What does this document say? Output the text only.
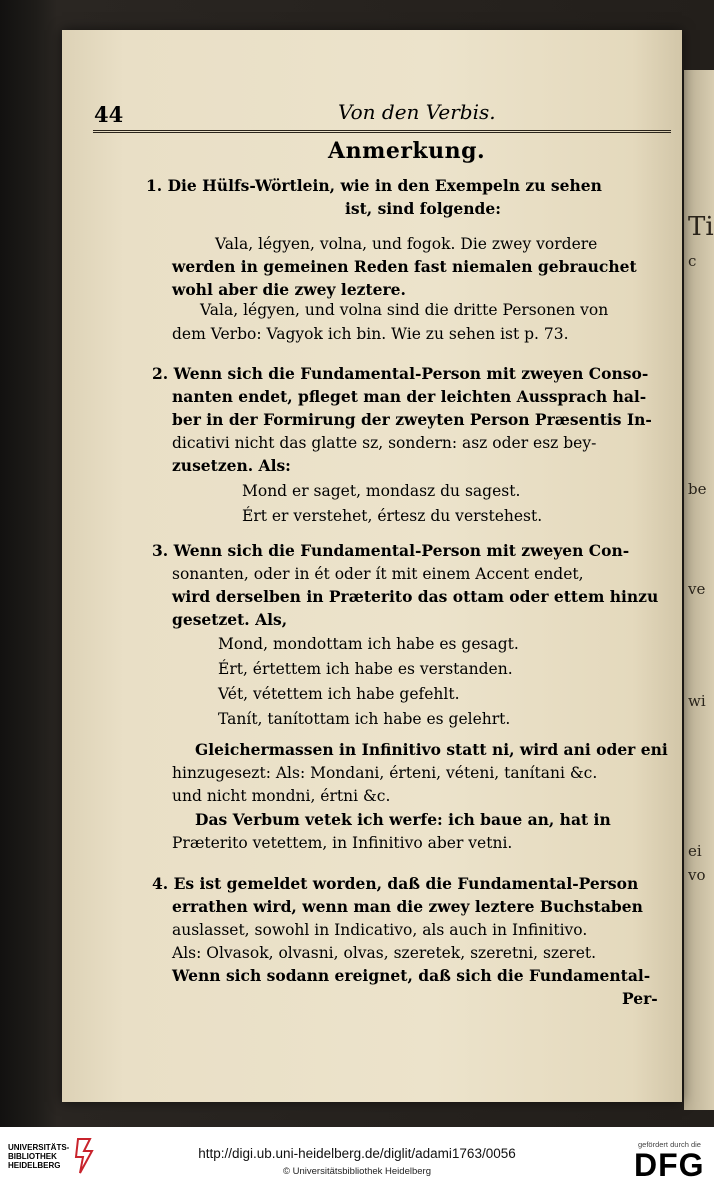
Ti
c
be
ve
wi
ei
vo
44	Von den Verbis.
Anmerkung.
1. Die Hülfs-Wörtlein, wie in den Exempeln zu sehen
ist, sind folgende:
Vala, légyen, volna, und fogok. Die zwey vordere
werden in gemeinen Reden fast niemalen gebrauchet
wohl aber die zwey leztere.
Vala, légyen, und volna sind die dritte Personen von
dem Verbo: Vagyok ich bin. Wie zu sehen ist p. 73.
2. Wenn sich die Fundamental-Person mit zweyen Conso-
nanten endet, pfleget man der leichten Aussprach hal-
ber in der Formirung der zweyten Person Præsentis In-
dicativi nicht das glatte sz, sondern: asz oder esz bey-
zusetzen. Als:
Mond er saget, mondasz du sagest.
Ért er verstehet, értesz du verstehest.
3. Wenn sich die Fundamental-Person mit zweyen Con-
sonanten, oder in ét oder ít mit einem Accent endet,
wird derselben in Præterito das ottam oder ettem hinzu
gesetzet. Als,
Mond, mondottam ich habe es gesagt.
Ért, értettem ich habe es verstanden.
Vét, vétettem ich habe gefehlt.
Tanít, tanítottam ich habe es gelehrt.
Gleichermassen in Infinitivo statt ni, wird ani oder eni
hinzugesezt: Als: Mondani, érteni, véteni, tanítani &c.
und nicht mondni, értni &c.
Das Verbum vetek ich werfe: ich baue an, hat in
Præterito vetettem, in Infinitivo aber vetni.
4. Es ist gemeldet worden, daß die Fundamental-Person
errathen wird, wenn man die zwey leztere Buchstaben
auslasset, sowohl in Indicativo, als auch in Infinitivo.
Als: Olvasok, olvasni, olvas, szeretek, szeretni, szeret.
Wenn sich sodann ereignet, daß sich die Fundamental-
Per-
UNIVERSITÄTS-
BIBLIOTHEK
HEIDELBERG
http://digi.ub.uni-heidelberg.de/diglit/adami1763/0056
© Universitätsbibliothek Heidelberg
gefördert durch die
DFG
